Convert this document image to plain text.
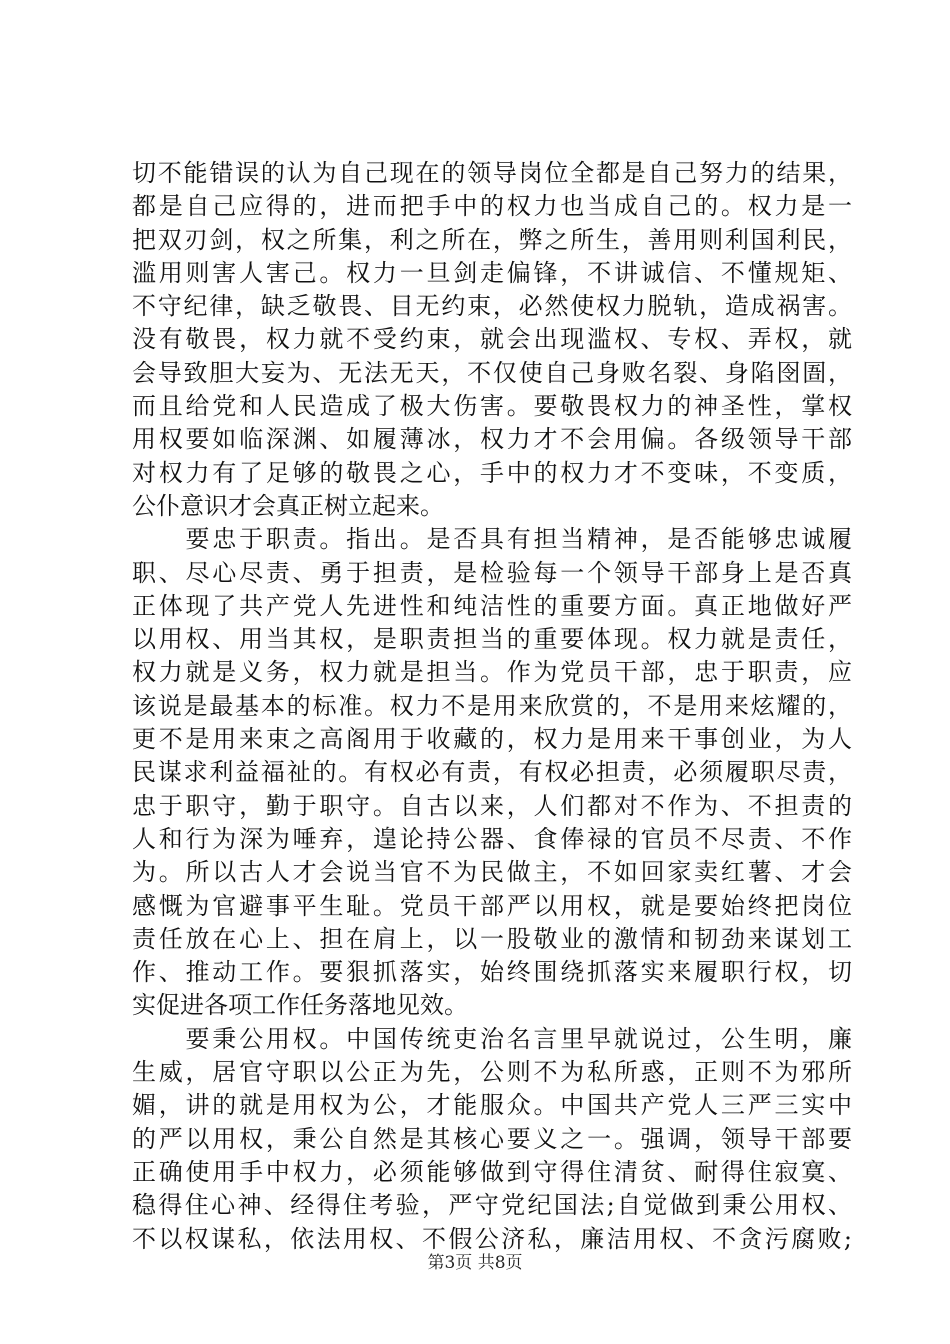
切不能错误的认为自己现在的领导岗位全都是自己努力的结果，
都是自己应得的，进而把手中的权力也当成自己的。权力是一
把双刃剑，权之所集，利之所在，弊之所生，善用则利国利民，
滥用则害人害己。权力一旦剑走偏锋，不讲诚信、不懂规矩、
不守纪律，缺乏敬畏、目无约束，必然使权力脱轨，造成祸害。
没有敬畏，权力就不受约束，就会出现滥权、专权、弄权，就
会导致胆大妄为、无法无天，不仅使自己身败名裂、身陷囹圄，
而且给党和人民造成了极大伤害。要敬畏权力的神圣性，掌权
用权要如临深渊、如履薄冰，权力才不会用偏。各级领导干部
对权力有了足够的敬畏之心，手中的权力才不变味，不变质，
公仆意识才会真正树立起来。
　　要忠于职责。指出。是否具有担当精神，是否能够忠诚履
职、尽心尽责、勇于担责，是检验每一个领导干部身上是否真
正体现了共产党人先进性和纯洁性的重要方面。真正地做好严
以用权、用当其权，是职责担当的重要体现。权力就是责任，
权力就是义务，权力就是担当。作为党员干部，忠于职责，应
该说是最基本的标准。权力不是用来欣赏的，不是用来炫耀的，
更不是用来束之高阁用于收藏的，权力是用来干事创业，为人
民谋求利益福祉的。有权必有责，有权必担责，必须履职尽责，
忠于职守，勤于职守。自古以来，人们都对不作为、不担责的
人和行为深为唾弃，遑论持公器、食俸禄的官员不尽责、不作
为。所以古人才会说当官不为民做主，不如回家卖红薯、才会
感慨为官避事平生耻。党员干部严以用权，就是要始终把岗位
责任放在心上、担在肩上，以一股敬业的激情和韧劲来谋划工
作、推动工作。要狠抓落实，始终围绕抓落实来履职行权，切
实促进各项工作任务落地见效。
　　要秉公用权。中国传统吏治名言里早就说过，公生明，廉
生威，居官守职以公正为先，公则不为私所惑，正则不为邪所
媚，讲的就是用权为公，才能服众。中国共产党人三严三实中
的严以用权，秉公自然是其核心要义之一。强调，领导干部要
正确使用手中权力，必须能够做到守得住清贫、耐得住寂寞、
稳得住心神、经得住考验，严守党纪国法;自觉做到秉公用权、
不以权谋私，依法用权、不假公济私，廉洁用权、不贪污腐败;
第3页 共8页
